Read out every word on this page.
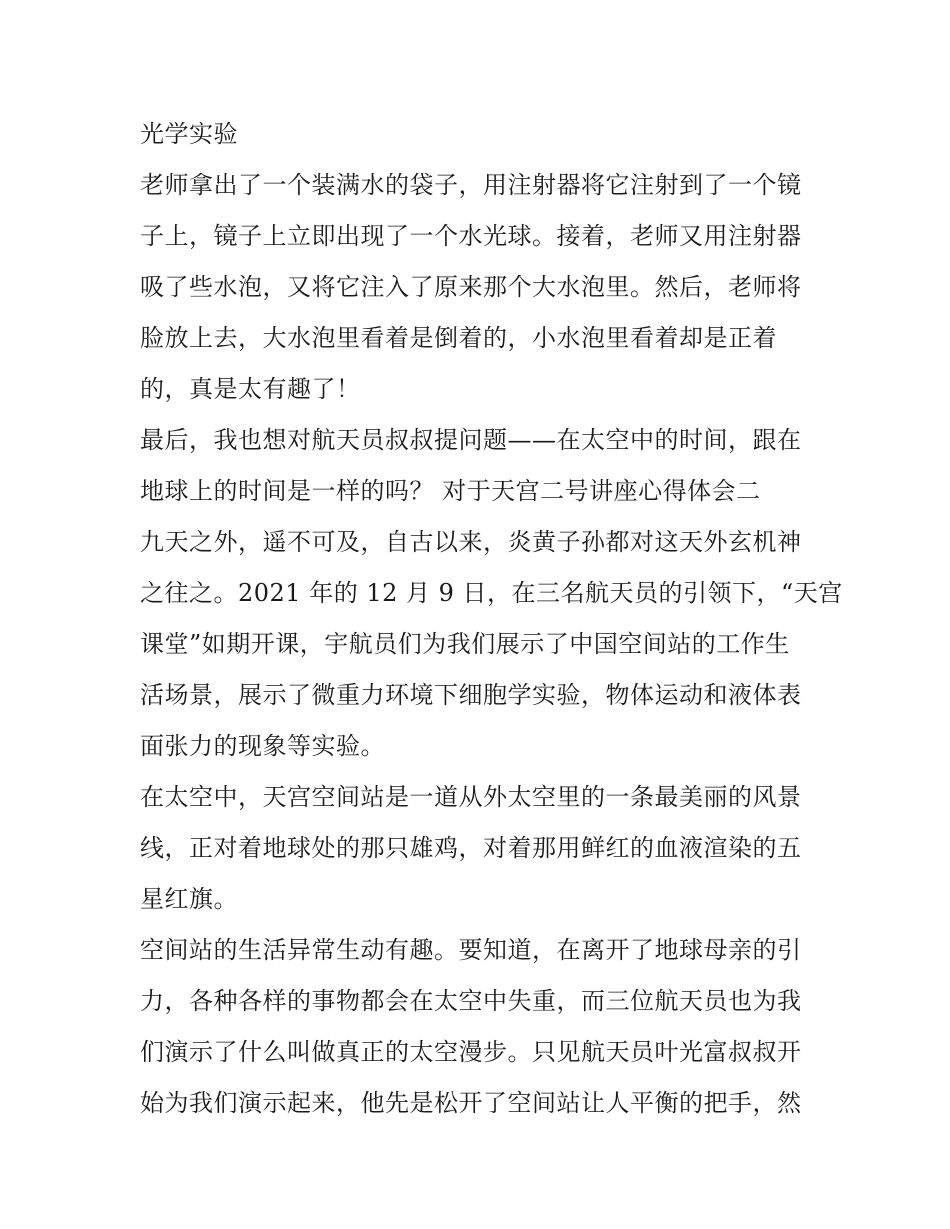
光学实验
老师拿出了一个装满水的袋子，用注射器将它注射到了一个镜
子上，镜子上立即出现了一个水光球。接着，老师又用注射器
吸了些水泡，又将它注入了原来那个大水泡里。然后，老师将
脸放上去，大水泡里看着是倒着的，小水泡里看着却是正着
的，真是太有趣了！
最后，我也想对航天员叔叔提问题——在太空中的时间，跟在
地球上的时间是一样的吗？ 对于天宫二号讲座心得体会二
九天之外，遥不可及，自古以来，炎黄子孙都对这天外玄机神
之往之。2021 年的 12 月 9 日，在三名航天员的引领下，“天宫
课堂”如期开课，宇航员们为我们展示了中国空间站的工作生
活场景，展示了微重力环境下细胞学实验，物体运动和液体表
面张力的现象等实验。
在太空中，天宫空间站是一道从外太空里的一条最美丽的风景
线，正对着地球处的那只雄鸡，对着那用鲜红的血液渲染的五
星红旗。
空间站的生活异常生动有趣。要知道，在离开了地球母亲的引
力，各种各样的事物都会在太空中失重，而三位航天员也为我
们演示了什么叫做真正的太空漫步。只见航天员叶光富叔叔开
始为我们演示起来，他先是松开了空间站让人平衡的把手，然
